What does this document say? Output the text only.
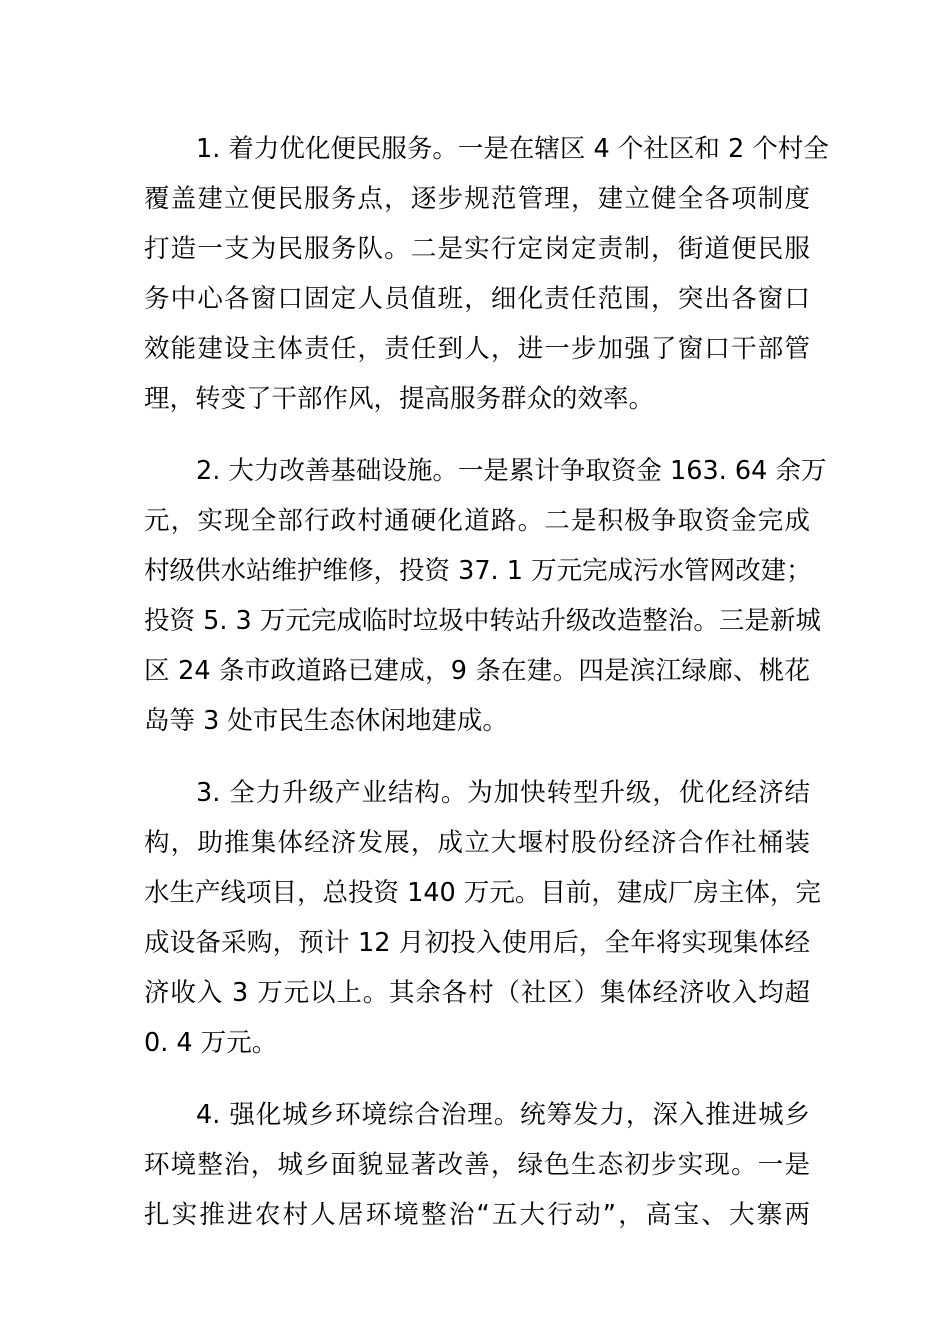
1. 着力优化便民服务。一是在辖区 4 个社区和 2 个村全
覆盖建立便民服务点，逐步规范管理，建立健全各项制度
打造一支为民服务队。二是实行定岗定责制，街道便民服
务中心各窗口固定人员值班，细化责任范围，突出各窗口
效能建设主体责任，责任到人，进一步加强了窗口干部管
理，转变了干部作风，提高服务群众的效率。
2. 大力改善基础设施。一是累计争取资金 163. 64 余万
元，实现全部行政村通硬化道路。二是积极争取资金完成
村级供水站维护维修，投资 37. 1 万元完成污水管网改建；
投资 5. 3 万元完成临时垃圾中转站升级改造整治。三是新城
区 24 条市政道路已建成，9 条在建。四是滨江绿廊、桃花
岛等 3 处市民生态休闲地建成。
3. 全力升级产业结构。为加快转型升级，优化经济结
构，助推集体经济发展，成立大堰村股份经济合作社桶装
水生产线项目，总投资 140 万元。目前，建成厂房主体，完
成设备采购，预计 12 月初投入使用后，全年将实现集体经
济收入 3 万元以上。其余各村（社区）集体经济收入均超
0. 4 万元。
4. 强化城乡环境综合治理。统筹发力，深入推进城乡
环境整治，城乡面貌显著改善，绿色生态初步实现。一是
扎实推进农村人居环境整治“五大行动”，高宝、大寨两
